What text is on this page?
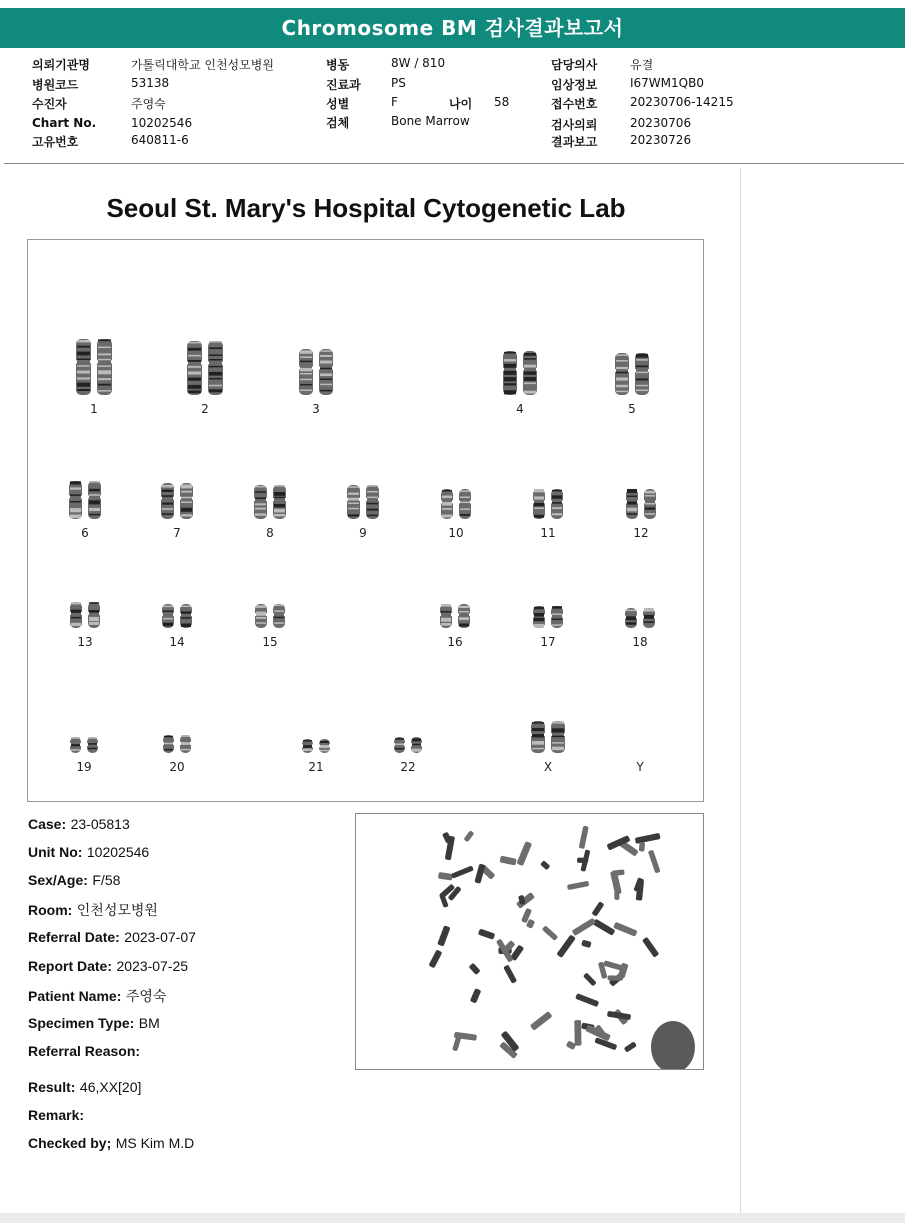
Chromosome BM 검사결과보고서
의뢰기관명	가톨릭대학교 인천성모병원
병원코드	53138
수진자	주영숙
Chart No.	10202546
고유번호	640811-6
병동	8W / 810
진료과	PS
성별	F	나이 58
검체	Bone Marrow
담당의사	유결
임상정보	I67WM1QB0
접수번호	20230706-14215
검사의뢰	20230706
결과보고	20230726
Seoul St. Mary's Hospital Cytogenetic Lab
1	2	3	4	5
6	7	8	9	10	11	12
13	14	15	16	17	18
19	20	21	22	X	Y
Case: 23-05813
Unit No: 10202546
Sex/Age: F/58
Room: 인천성모병원
Referral Date: 2023-07-07
Report Date: 2023-07-25
Patient Name: 주영숙
Specimen Type: BM
Referral Reason:
Result: 46,XX[20]
Remark:
Checked by; MS Kim M.D
